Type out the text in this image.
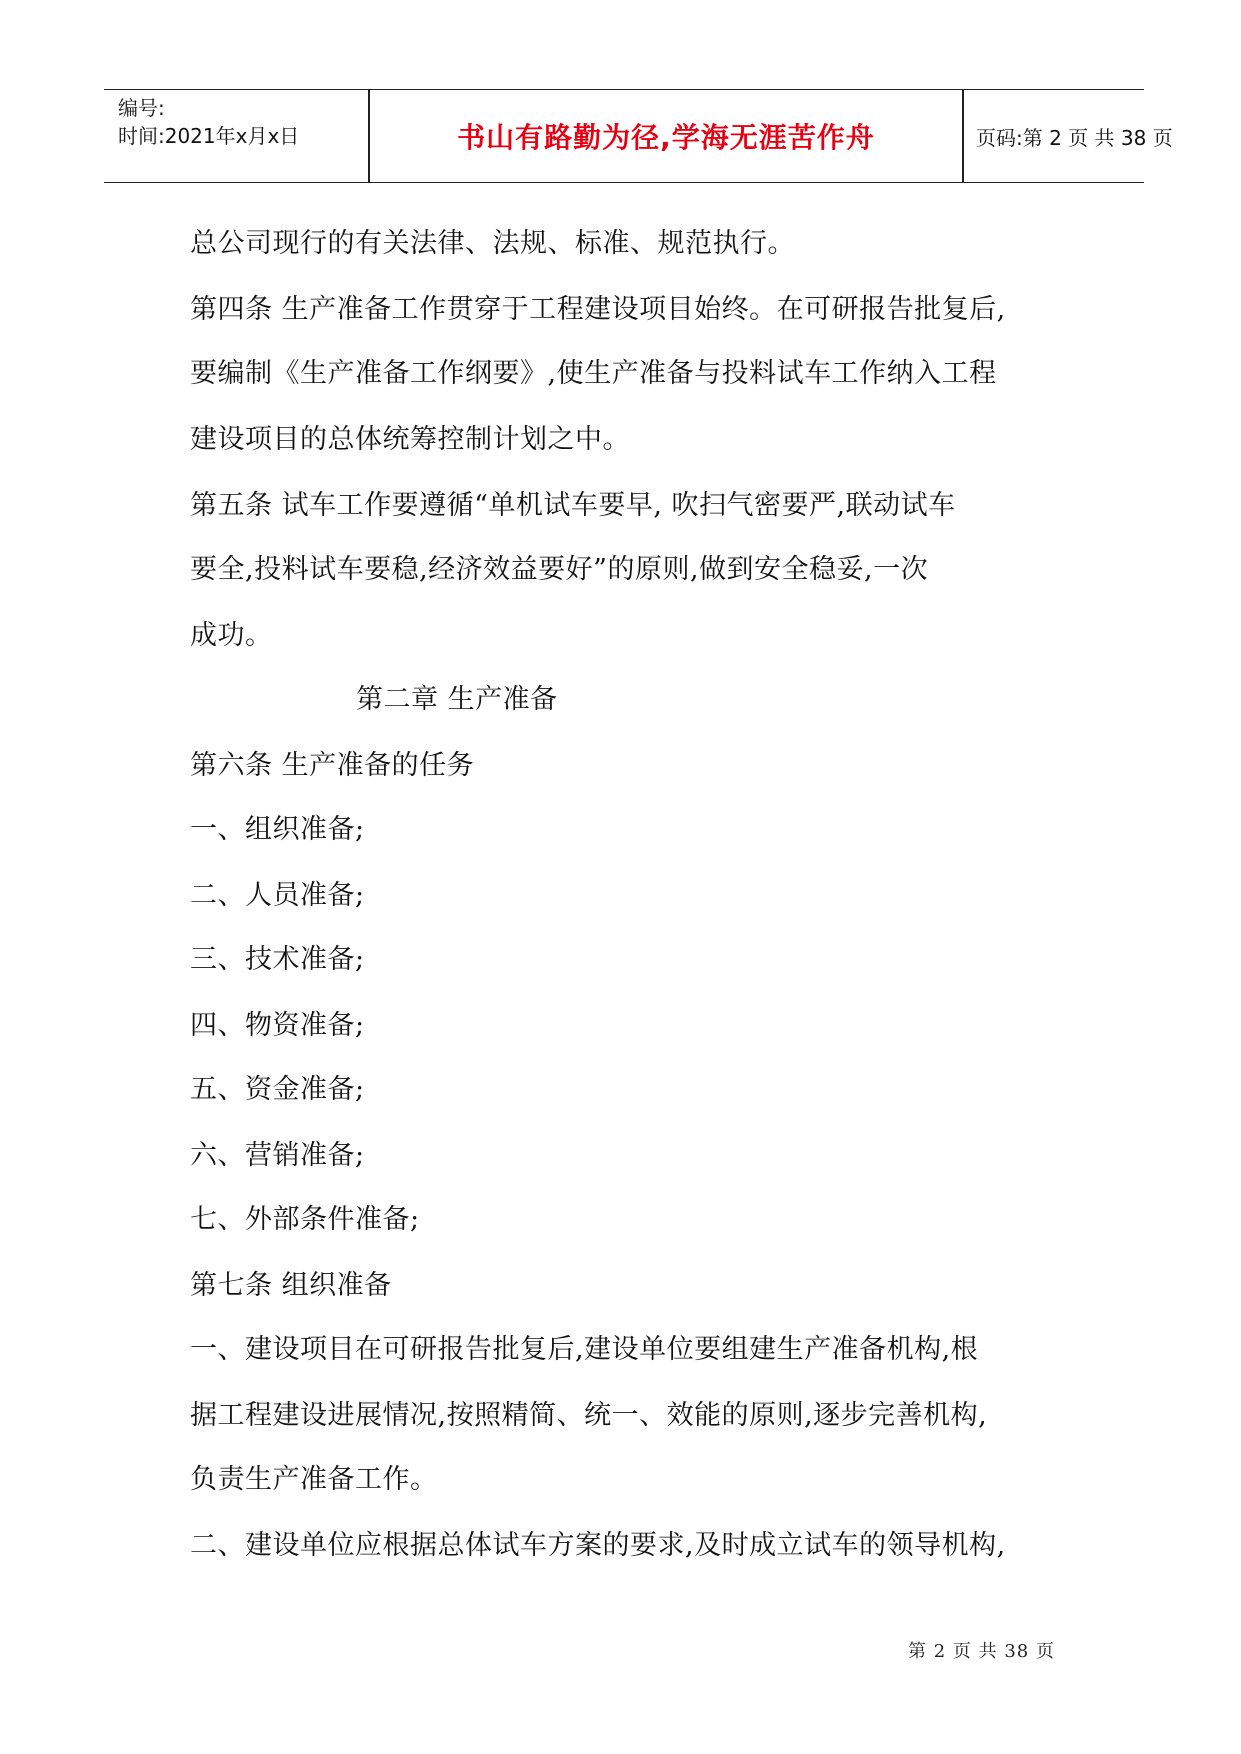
编号:
时间:2021年x月x日	书山有路勤为径,学海无涯苦作舟	页码:第 2 页 共 38 页
总公司现行的有关法律、法规、标准、规范执行。
第四条 生产准备工作贯穿于工程建设项目始终。在可研报告批复后,
要编制《生产准备工作纲要》,使生产准备与投料试车工作纳入工程
建设项目的总体统筹控制计划之中。
第五条 试车工作要遵循“单机试车要早, 吹扫气密要严,联动试车
要全,投料试车要稳,经济效益要好”的原则,做到安全稳妥,一次
成功。
第二章 生产准备
第六条 生产准备的任务
一、组织准备;
二、人员准备;
三、技术准备;
四、物资准备;
五、资金准备;
六、营销准备;
七、外部条件准备;
第七条 组织准备
一、建设项目在可研报告批复后,建设单位要组建生产准备机构,根
据工程建设进展情况,按照精简、统一、效能的原则,逐步完善机构,
负责生产准备工作。
二、建设单位应根据总体试车方案的要求,及时成立试车的领导机构,
第 2 页 共 38 页
